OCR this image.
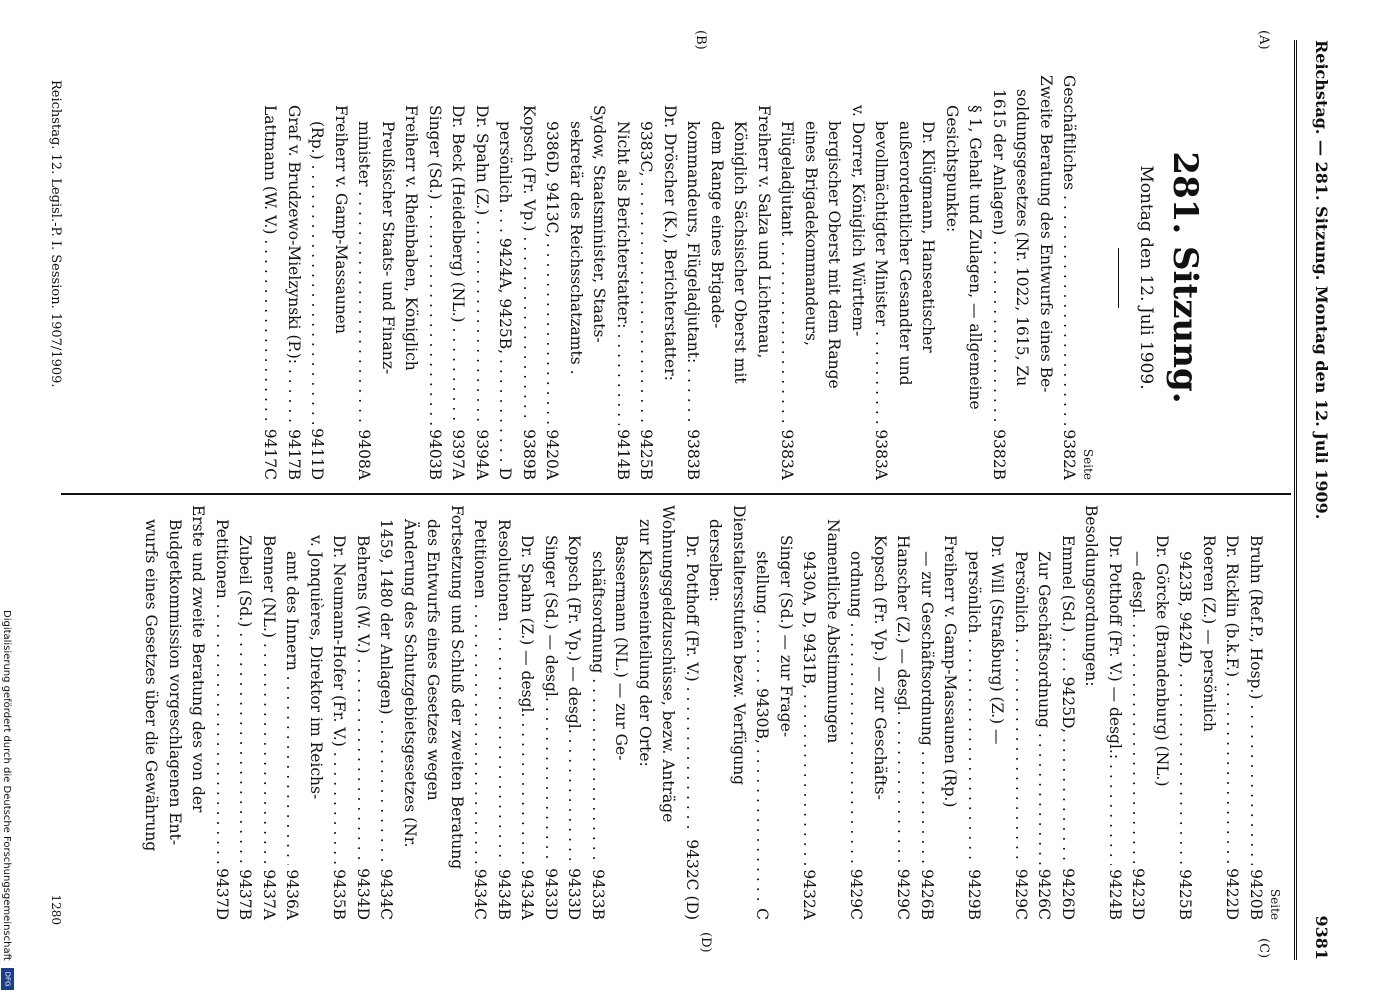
Reichstag. — 281. Sitzung. Montag den 12. Juli 1909.
9381
(A)
(B)
(C)
(D)
281. Sitzung.
Montag den 12. Juli 1909.
Seite
Geschäftliches . . .
9382A
Zweite Beratung des Entwurfs eines Be-
soldungsgesetzes (Nr. 1022, 1615, Zu
1615 der Anlagen) . . .
9382B
§ 1, Gehalt und Zulagen, — allgemeine
Gesichtspunkte:
Dr. Klügmann, Hanseatischer
außerordentlicher Gesandter und
bevollmächtigter Minister . . .
9383A
v. Dorrer, Königlich Württem-
bergischer Oberst mit dem Range
eines Brigadekommandeurs,
Flügeladjutant . . .
9383A
Freiherr v. Salza und Lichtenau,
Königlich Sächsischer Oberst mit
dem Range eines Brigade-
kommandeurs, Flügeladjutant: . . .
9383B
Dr. Dröscher (K.), Berichterstatter:
9383C, . . .
9425B
Nicht als Berichterstatter: . . .
9414B
Sydow, Staatsminister, Staats-
sekretär des Reichsschatzamts .
9386D, 9413C, . . .
9420A
Kopsch (Fr. Vp.) . . .
9389B
persönlich . . . 9424A, 9425B, . . .
D
Dr. Spahn (Z.) . . .
9394A
Dr. Beck (Heidelberg) (NL.) . . .
9397A
Singer (Sd.) . . .
9403B
Freiherr v. Rheinbaben, Königlich
Preußischer Staats- und Finanz-
minister . . .
9408A
Freiherr v. Gamp-Massaunen
(Rp.) . . .
9411D
Graf v. Brudzewo-Mielzynski (P.): . . .
9417B
Lattmann (W. V.) . . .
9417C
Seite
Bruhn (Ref.P., Hosp.) . . .
9420B
Dr. Ricklin (b.k.F.) . . .
9422D
Roeren (Z.) — persönlich
9423B, 9424D, . . .
9425B
Dr. Görcke (Brandenburg) (NL.)
— desgl. . . .
9423D
Dr. Potthoff (Fr. V.) — desgl.: . . .
9424B
Besoldungsordnungen:
Emmel (Sd.) . . . . 9425D, . . .
9426D
Zur Geschäftsordnung . . .
9426C
Persönlich . . .
9429C
Dr. Will (Straßburg) (Z.) —
persönlich . . .
9429B
Freiherr v. Gamp-Massaunen (Rp.)
— zur Geschäftsordnung . . .
9426B
Hanscher (Z.) — desgl. . . .
9429C
Kopsch (Fr. Vp.) — zur Geschäfts-
ordnung . . .
9429C
Namentliche Abstimmungen
9430A, D, 9431B, . . .
9432A
Singer (Sd.) — zur Frage-
stellung . . . . . . . 9430B, . . .
C
Dienstaltersstufen bezw. Verfügung
derselben:
Dr. Potthoff (Fr. V.) . . .
9432C (D)
Wohnungsgeldzuschüsse, bezw. Anträge
zur Klasseneinteilung der Orte:
Bassermann (NL.) — zur Ge-
schäftsordnung . . .
9433B
Kopsch (Fr. Vp.) — desgl. . . .
9433D
Singer (Sd.) — desgl. . . .
9433D
Dr. Spahn (Z.) — desgl. . . .
9434A
Resolutionen . . .
9434B
Petitionen . . .
9434C
Fortsetzung und Schluß der zweiten Beratung
des Entwurfs eines Gesetzes wegen
Änderung des Schutzgebietsgesetzes (Nr.
1459, 1480 der Anlagen) . . .
9434C
Behrens (W. V.) . . .
9434D
Dr. Neumann-Hofer (Fr. V.) . . .
9435B
v. Jonquières, Direktor im Reichs-
amt des Innern . . .
9436A
Benner (NL.) . . .
9437A
Zubeil (Sd.) . . .
9437B
Petitionen . . .
9437D
Erste und zweite Beratung des von der
Budgetkommission vorgeschlagenen Ent-
wurfs eines Gesetzes über die Gewährung
Reichstag. 12. Legisl.-P. I. Session. 1907/1909.
1280
Digitalisierung gefördert durch die Deutsche Forschungsgemeinschaft
DFG
